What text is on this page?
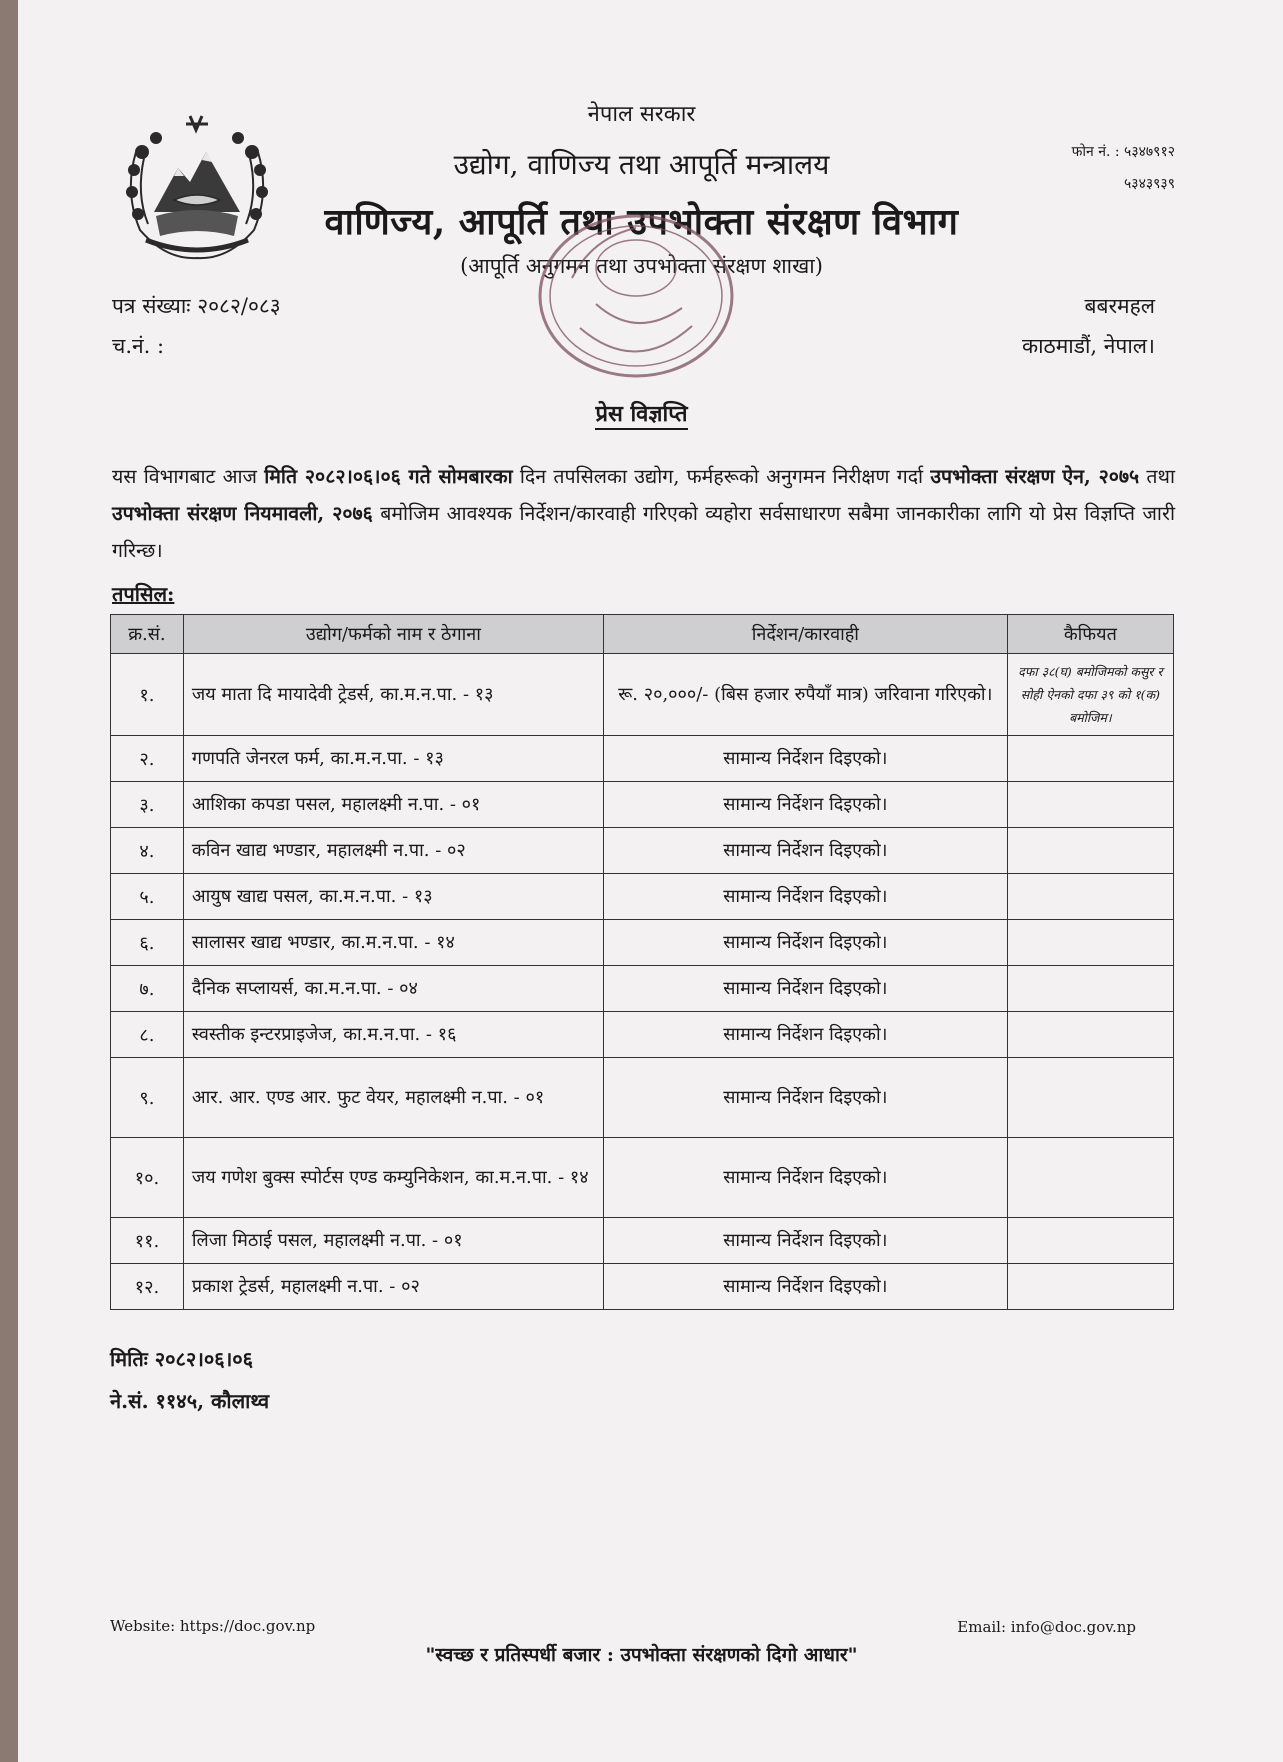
नेपाल सरकार
उद्योग, वाणिज्य तथा आपूर्ति मन्त्रालय
वाणिज्य, आपूर्ति तथा उपभोक्ता संरक्षण विभाग
(आपूर्ति अनुगमन तथा उपभोक्ता संरक्षण शाखा)
फोन नं. : ५३४७९१२
५३४३९३९
पत्र संख्याः २०८२/०८३
च.नं. :
बबरमहल
काठमाडौं, नेपाल।
प्रेस विज्ञप्ति
यस विभागबाट आज मिति २०८२।०६।०६ गते सोमबारका दिन तपसिलका उद्योग, फर्महरूको अनुगमन निरीक्षण गर्दा उपभोक्ता संरक्षण ऐन, २०७५ तथा उपभोक्ता संरक्षण नियमावली, २०७६ बमोजिम आवश्यक निर्देशन/कारवाही गरिएको व्यहोरा सर्वसाधारण सबैमा जानकारीका लागि यो प्रेस विज्ञप्ति जारी गरिन्छ।
तपसिल:
क्र.सं.	उद्योग/फर्मको नाम र ठेगाना	निर्देशन/कारवाही	कैफियत
१.	जय माता दि मायादेवी ट्रेडर्स, का.म.न.पा. - १३	रू. २०,०००/- (बिस हजार रुपैयाँ मात्र) जरिवाना गरिएको।	दफा ३८(घ) बमोजिमको कसुर र सोही ऐनको दफा ३९ को १(क) बमोजिम।
२.	गणपति जेनरल फर्म, का.म.न.पा. - १३	सामान्य निर्देशन दिइएको।	
३.	आशिका कपडा पसल, महालक्ष्मी न.पा. - ०१	सामान्य निर्देशन दिइएको।	
४.	कविन खाद्य भण्डार, महालक्ष्मी न.पा. - ०२	सामान्य निर्देशन दिइएको।	
५.	आयुष खाद्य पसल, का.म.न.पा. - १३	सामान्य निर्देशन दिइएको।	
६.	सालासर खाद्य भण्डार, का.म.न.पा. - १४	सामान्य निर्देशन दिइएको।	
७.	दैनिक सप्लायर्स, का.म.न.पा. - ०४	सामान्य निर्देशन दिइएको।	
८.	स्वस्तीक इन्टरप्राइजेज, का.म.न.पा. - १६	सामान्य निर्देशन दिइएको।	
९.	आर. आर. एण्ड आर. फुट वेयर, महालक्ष्मी न.पा. - ०१	सामान्य निर्देशन दिइएको।	
१०.	जय गणेश बुक्स स्पोर्टस एण्ड कम्युनिकेशन, का.म.न.पा. - १४	सामान्य निर्देशन दिइएको।	
११.	लिजा मिठाई पसल, महालक्ष्मी न.पा. - ०१	सामान्य निर्देशन दिइएको।	
१२.	प्रकाश ट्रेडर्स, महालक्ष्मी न.पा. - ०२	सामान्य निर्देशन दिइएको।	
मितिः २०८२।०६।०६
ने.सं. ११४५, कौलाथ्व
Website: https://doc.gov.np	Email: info@doc.gov.np
"स्वच्छ र प्रतिस्पर्धी बजार : उपभोक्ता संरक्षणको दिगो आधार"
